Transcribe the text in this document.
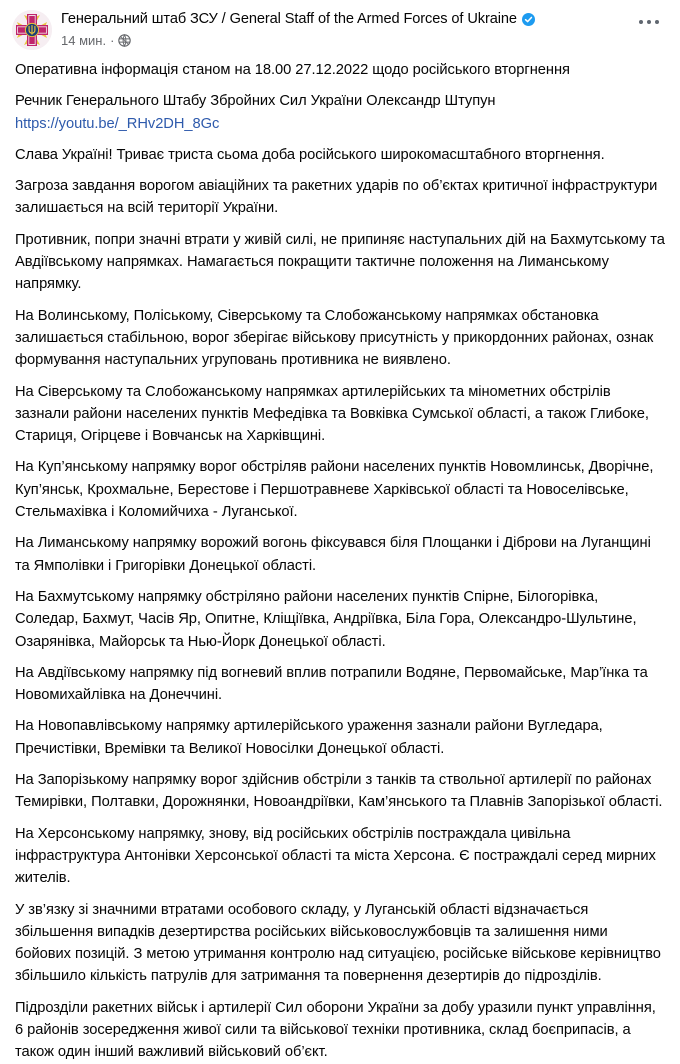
Генеральний штаб ЗСУ / General Staff of the Armed Forces of Ukraine
14 мин. ·

Оперативна інформація станом на 18.00 27.12.2022 щодо російського вторгнення

Речник Генерального Штабу Збройних Сил України Олександр Штупун
https://youtu.be/_RHv2DH_8Gc

Слава Україні! Триває триста сьома доба російського широкомасштабного вторгнення.

Загроза завдання ворогом авіаційних та ракетних ударів по об’єктах критичної інфраструктури залишається на всій території України.

Противник, попри значні втрати у живій силі, не припиняє наступальних дій на Бахмутському та Авдіївському напрямках. Намагається покращити тактичне положення на Лиманському напрямку.

На Волинському, Поліському, Сіверському та Слобожанському напрямках обстановка залишається стабільною, ворог зберігає військову присутність у прикордонних районах, ознак формування наступальних угруповань противника не виявлено.

На Сіверському та Слобожанському напрямках артилерійських та мінометних обстрілів зазнали райони населених пунктів Мефедівка та Вовківка Сумської області, а також Глибоке, Стариця, Огірцеве і Вовчанськ на Харківщині.

На Куп’янському напрямку ворог обстріляв райони населених пунктів Новомлинськ, Дворічне, Куп’янськ, Крохмальне, Берестове і Першотравневе Харківської області та Новоселівське, Стельмахівка і Коломийчиха - Луганської.

На Лиманському напрямку ворожий вогонь фіксувався біля Площанки і Діброви на Луганщині та Ямполівки і Григорівки Донецької області.

На Бахмутському напрямку обстріляно райони населених пунктів Спірне, Білогорівка, Соледар, Бахмут, Часів Яр, Опитне, Кліщіївка, Андріївка, Біла Гора, Олександро-Шультине, Озарянівка, Майорськ та Нью-Йорк Донецької області.

На Авдіївському напрямку під вогневий вплив потрапили Водяне, Первомайське, Мар’їнка та Новомихайлівка на Донеччині.

На Новопавлівському напрямку артилерійського ураження зазнали райони Вугледара, Пречистівки, Времівки та Великої Новосілки Донецької області.

На Запорізькому напрямку ворог здійснив обстріли з танків та ствольної артилерії по районах Темирівки, Полтавки, Дорожнянки, Новоандріївки, Кам’янського та Плавнів Запорізької області.

На Херсонському напрямку, знову, від російських обстрілів постраждала цивільна інфраструктура Антонівки Херсонської області та міста Херсона. Є постраждалі серед мирних жителів.

У зв’язку зі значними втратами особового складу, у Луганській області відзначається збільшення випадків дезертирства російських військовослужбовців та залишення ними бойових позицій. З метою утримання контролю над ситуацією, російське військове керівництво збільшило кількість патрулів для затримання та повернення дезертирів до підрозділів.

Підрозділи ракетних військ і артилерії Сил оборони України за добу уразили пункт управління, 6 районів зосередження живої сили та військової техніки противника, склад боєприпасів, а також один інший важливий військовий об’єкт.
